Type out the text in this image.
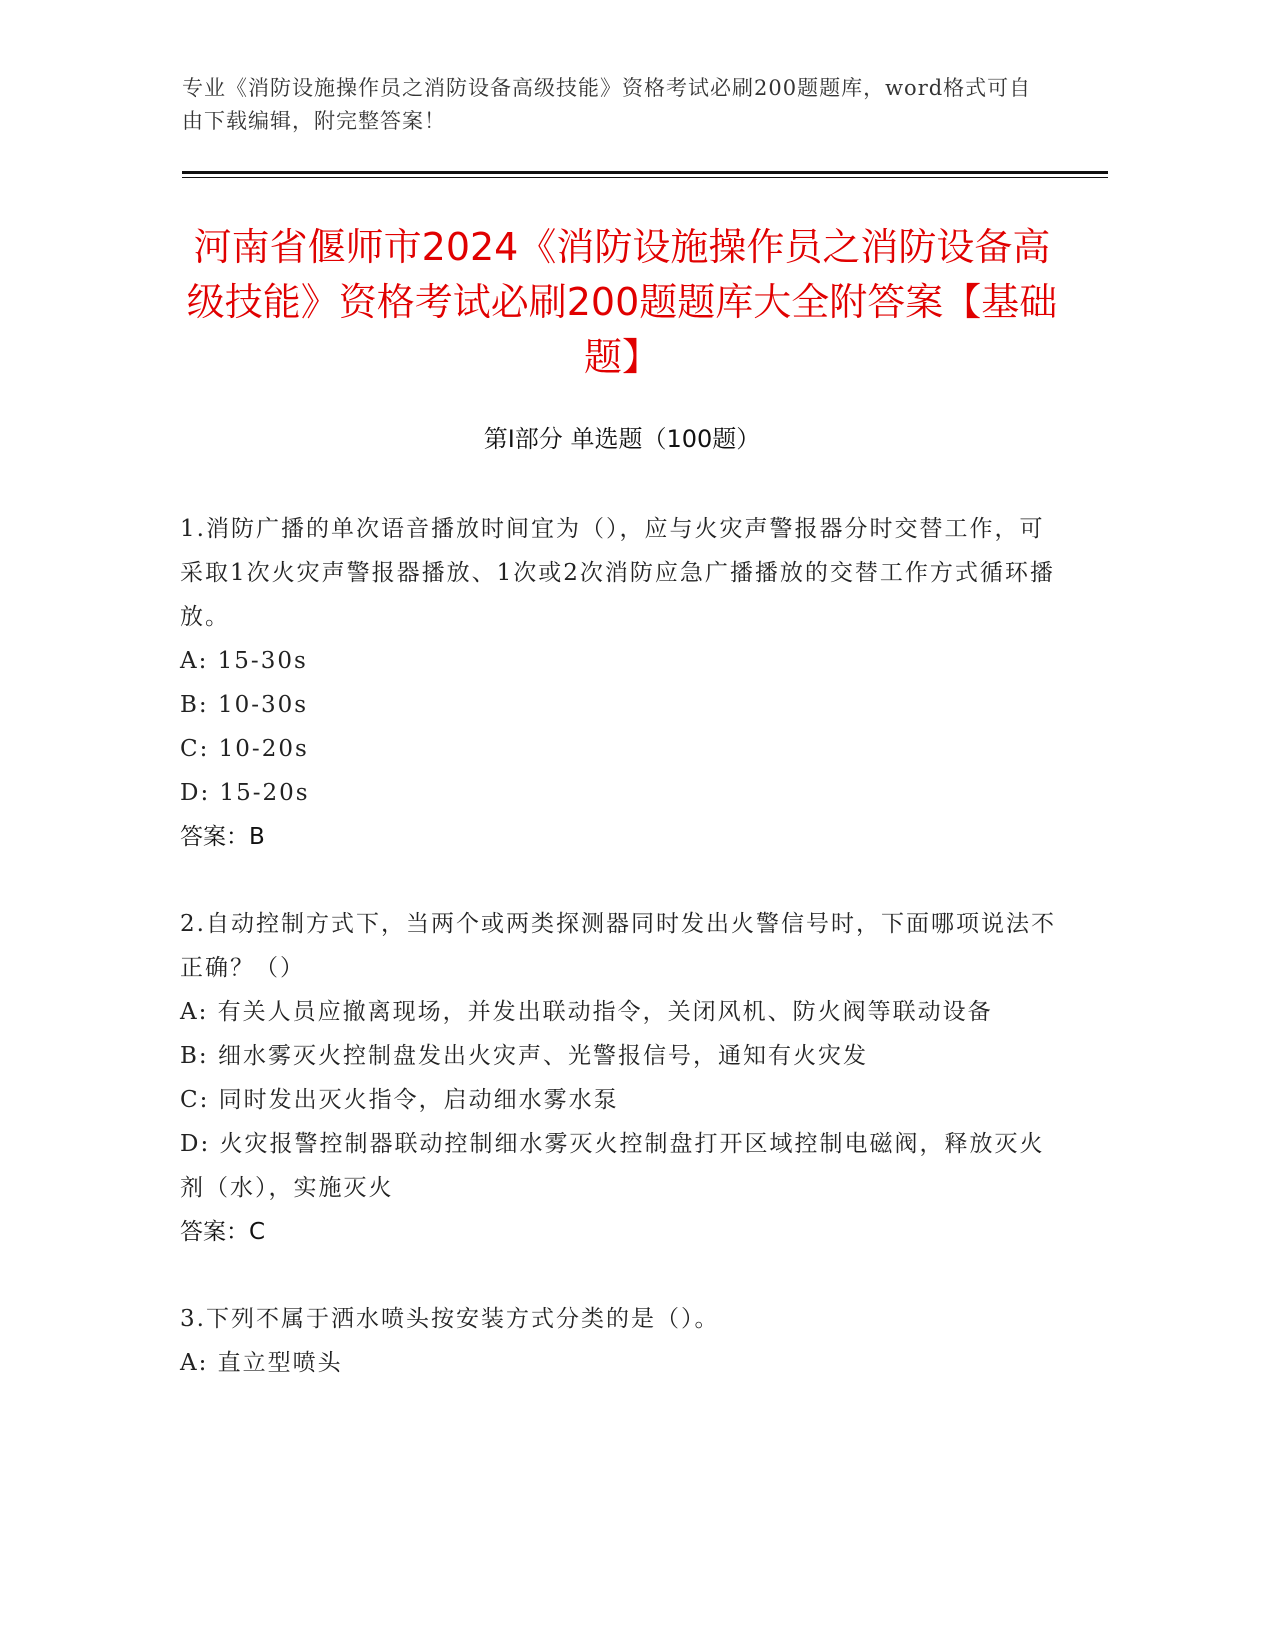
专业《消防设施操作员之消防设备高级技能》资格考试必刷200题题库，word格式可自由下载编辑，附完整答案！
河南省偃师市2024《消防设施操作员之消防设备高级技能》资格考试必刷200题题库大全附答案【基础题】
第Ⅰ部分 单选题（100题）
1.消防广播的单次语音播放时间宜为（），应与火灾声警报器分时交替工作，可采取1次火灾声警报器播放、1次或2次消防应急广播播放的交替工作方式循环播放。
A: 15-30s
B: 10-30s
C: 10-20s
D: 15-20s
答案：B
2.自动控制方式下，当两个或两类探测器同时发出火警信号时，下面哪项说法不正确？（）
A: 有关人员应撤离现场，并发出联动指令，关闭风机、防火阀等联动设备
B: 细水雾灭火控制盘发出火灾声、光警报信号，通知有火灾发
C: 同时发出灭火指令，启动细水雾水泵
D: 火灾报警控制器联动控制细水雾灭火控制盘打开区域控制电磁阀，释放灭火剂（水），实施灭火
答案：C
3.下列不属于洒水喷头按安装方式分类的是（）。
A: 直立型喷头
